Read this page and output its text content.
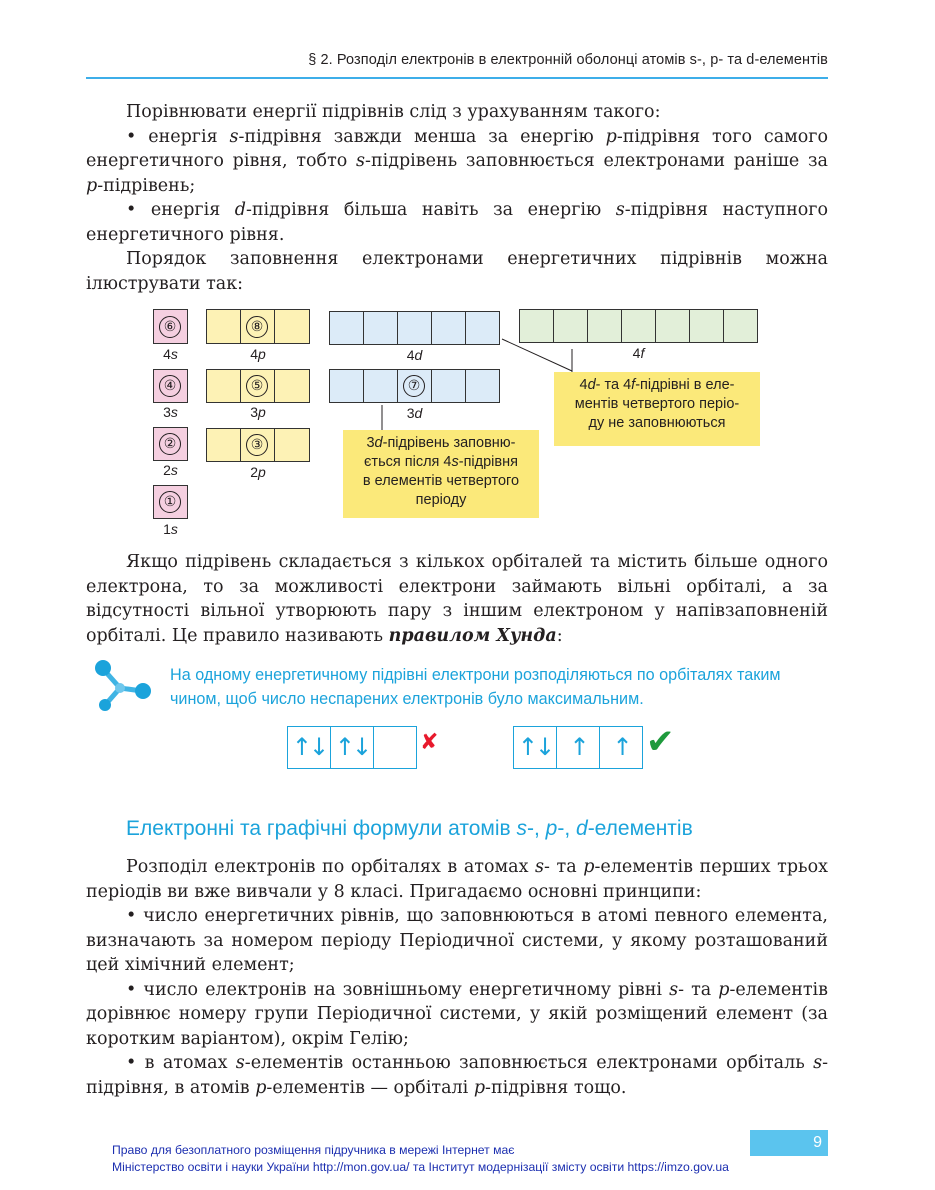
§ 2. Розподіл електронів в електронній оболонці атомів s-, p- та d-елементів

Порівнювати енергії підрівнів слід з урахуванням такого:

• енергія s-підрівня завжди менша за енергію p-підрівня того самого енергетичного рівня, тобто s-підрівень заповнюється електронами раніше за p-підрівень;

• енергія d-підрівня більша навіть за енергію s-підрівня наступного енергетичного рівня.

Порядок заповнення електронами енергетичних підрівнів можна ілюструвати так:

⑥
4s
⑧
4p	4d	4f
④
3s
⑤
3p
⑦
3d
②
2s
③
2p
①
1s
3d-підрівень заповню-
ється після 4s-підрівня
в елементів четвертого
періоду
4d- та 4f-підрівні в еле-
ментів четвертого періо-
ду не заповнюються

Якщо підрівень складається з кількох орбіталей та містить більше одного електрона, то за можливості електрони займають вільні орбіталі, а за відсутності вільної утворюють пару з іншим електроном у напівзаповненій орбіталі. Це правило називають правилом Хунда:

На одному енергетичному підрівні електрони розподіляються по орбіталях таким чином, щоб число неспарених електронів було максимальним.
↑↓ ↑↓ ✘	↑↓ ↑	↑ ✔
Електронні та графічні формули атомів s-, p-, d-елементів

Розподіл електронів по орбіталях в атомах s- та p-елементів перших трьох періодів ви вже вивчали у 8 класі. Пригадаємо основні принципи:

• число енергетичних рівнів, що заповнюються в атомі певного елемента, визначають за номером періоду Періодичної системи, у якому розташований цей хімічний елемент;

• число електронів на зовнішньому енергетичному рівні s- та p-елементів дорівнює номеру групи Періодичної системи, у якій розміщений елемент (за коротким варіантом), окрім Гелію;

• в атомах s-елементів останньою заповнюється електронами орбіталь s-підрівня, в атомів p-елементів — орбіталі p-підрівня тощо.

9
Право для безоплатного розміщення підручника в мережі Інтернет має
Міністерство освіти і науки України http://mon.gov.ua/ та Інститут модернізації змісту освіти https://imzo.gov.ua
